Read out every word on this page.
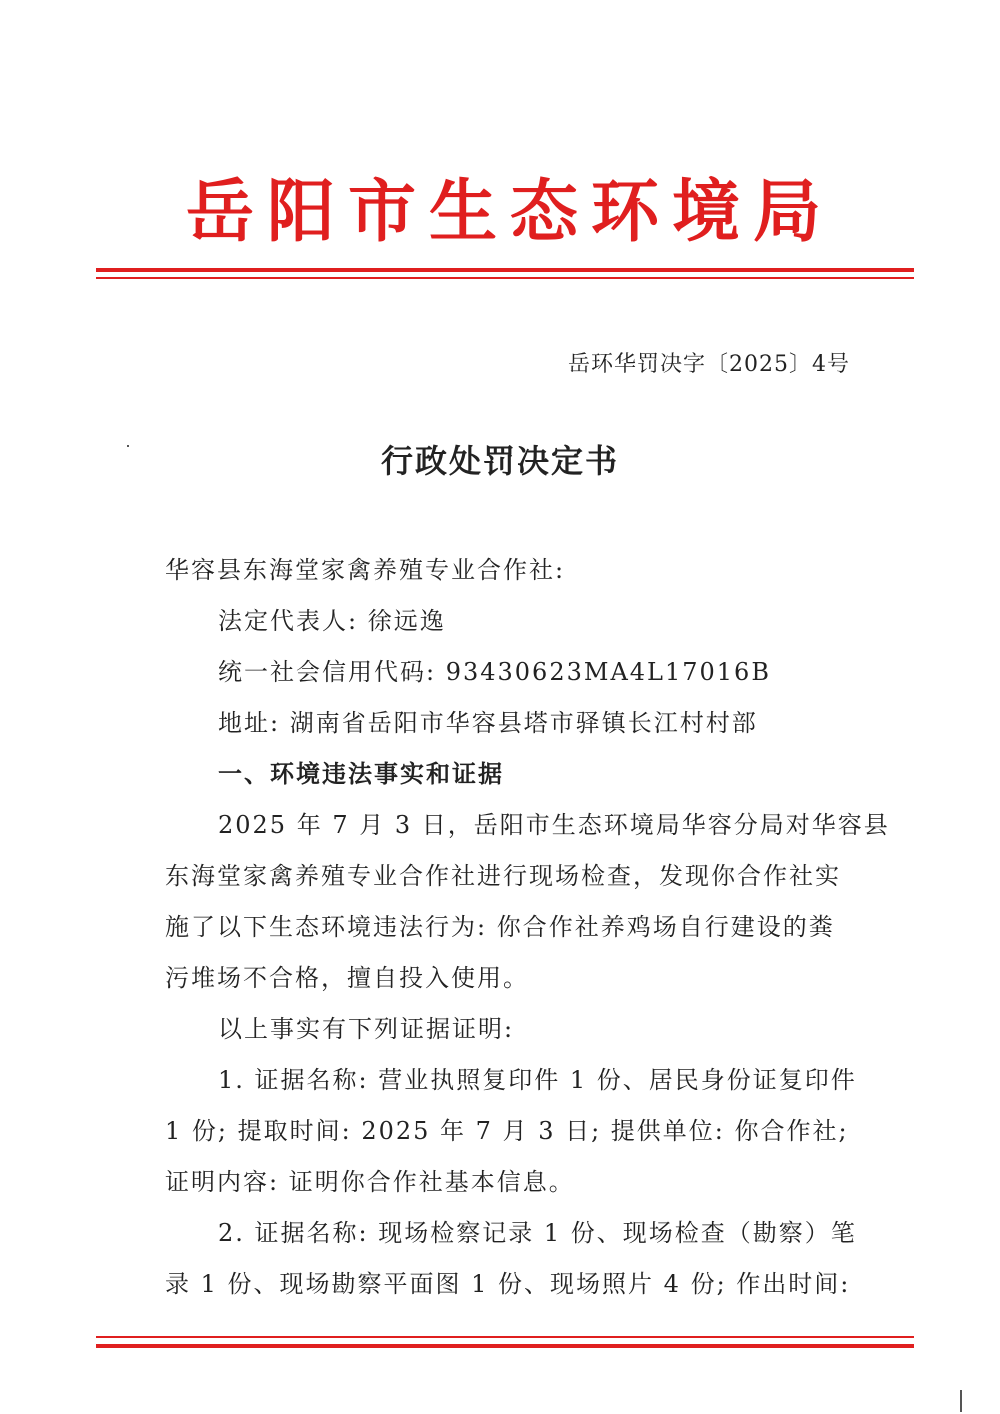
岳阳市生态环境局
岳环华罚决字〔2025〕4号
行政处罚决定书
华容县东海堂家禽养殖专业合作社:
法定代表人: 徐远逸
统一社会信用代码: 93430623MA4L17016B
地址: 湖南省岳阳市华容县塔市驿镇长江村村部
一、环境违法事实和证据
2025 年 7 月 3 日，岳阳市生态环境局华容分局对华容县
东海堂家禽养殖专业合作社进行现场检查，发现你合作社实
施了以下生态环境违法行为: 你合作社养鸡场自行建设的粪
污堆场不合格，擅自投入使用。
以上事实有下列证据证明:
1. 证据名称: 营业执照复印件 1 份、居民身份证复印件
1 份; 提取时间: 2025 年 7 月 3 日; 提供单位: 你合作社;
证明内容: 证明你合作社基本信息。
2. 证据名称: 现场检察记录 1 份、现场检查（勘察）笔
录 1 份、现场勘察平面图 1 份、现场照片 4 份; 作出时间:
